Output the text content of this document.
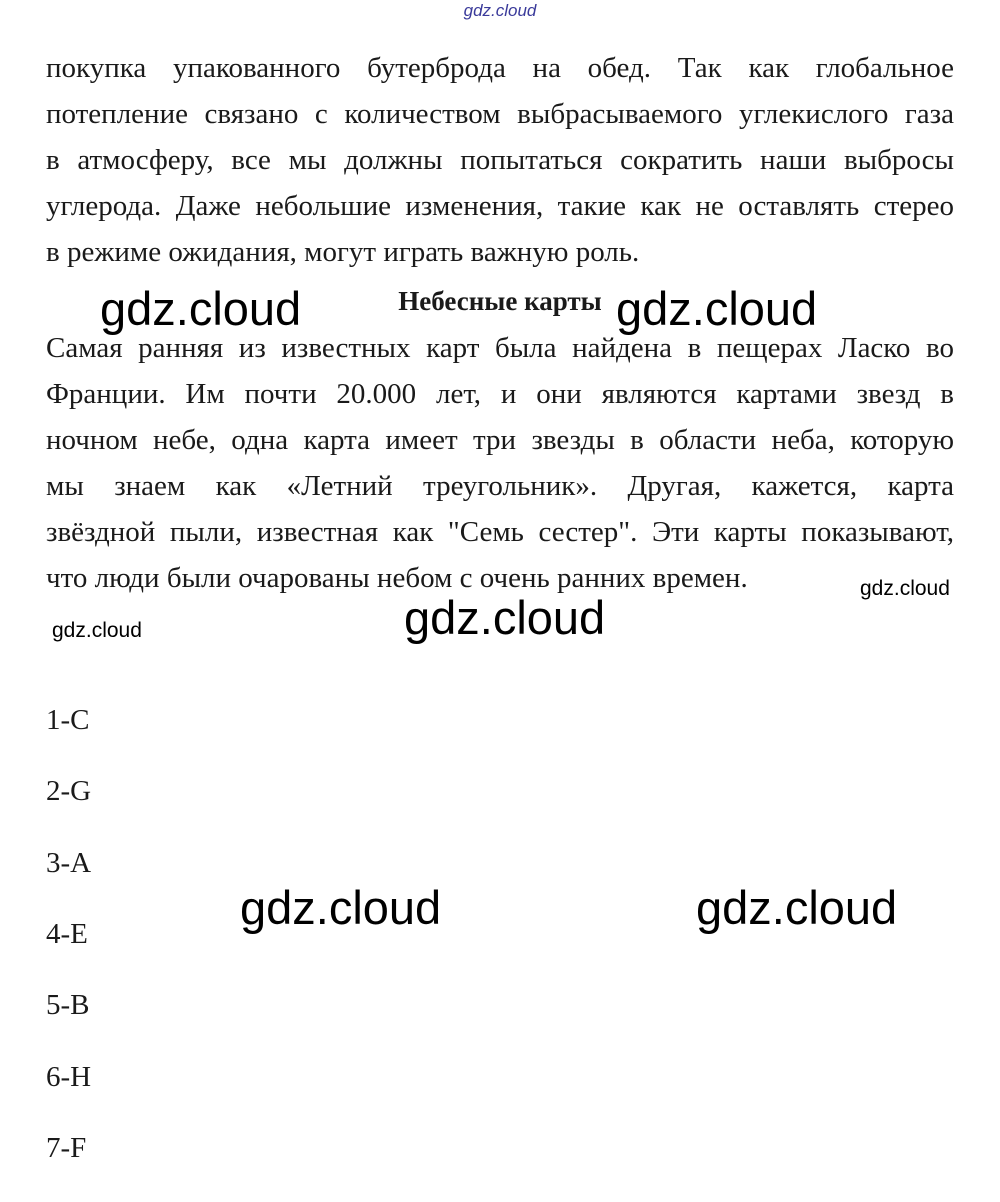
gdz.cloud
покупка упакованного бутерброда на обед. Так как глобальное
потепление связано с количеством выбрасываемого углекислого газа
в атмосферу, все мы должны попытаться сократить наши выбросы
углерода. Даже небольшие изменения, такие как не оставлять стерео
в режиме ожидания, могут играть важную роль.
Небесные карты
Самая ранняя из известных карт была найдена в пещерах Ласко во
Франции. Им почти 20.000 лет, и они являются картами звезд в
ночном небе, одна карта имеет три звезды в области неба, которую
мы знаем как «Летний треугольник». Другая, кажется, карта
звёздной пыли, известная как "Семь сестер". Эти карты показывают,
что люди были очарованы небом с очень ранних времен.
1-C
2-G
3-A
4-E
5-B
6-H
7-F
gdz.cloud	gdz.cloud
gdz.cloud
gdz.cloud	gdz.cloud
gdz.cloud	gdz.cloud
